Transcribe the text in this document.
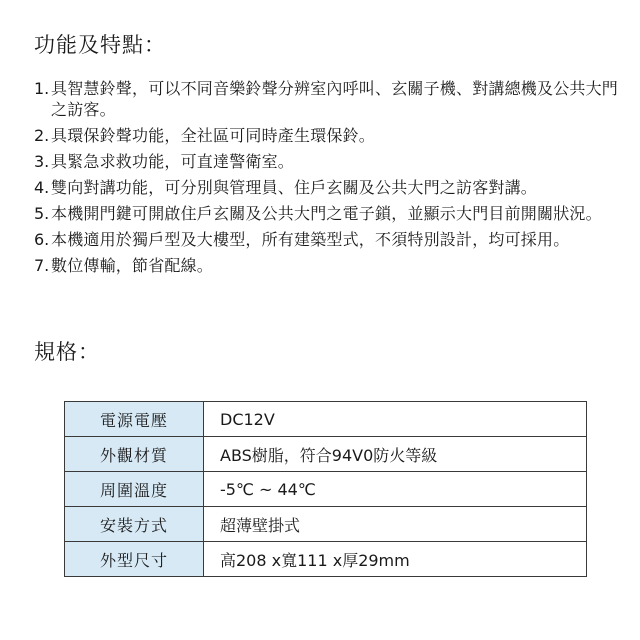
功能及特點：
1. 具智慧鈴聲，可以不同音樂鈴聲分辨室內呼叫、玄關子機、對講總機及公共大門之訪客。
2. 具環保鈴聲功能，全社區可同時產生環保鈴。
3. 具緊急求救功能，可直達警衛室。
4. 雙向對講功能，可分別與管理員、住戶玄關及公共大門之訪客對講。
5. 本機開門鍵可開啟住戶玄關及公共大門之電子鎖，並顯示大門目前開關狀況。
6. 本機適用於獨戶型及大樓型，所有建築型式，不須特別設計，均可採用。
7. 數位傳輸，節省配線。
規格：
電源電壓	DC12V
外觀材質	ABS樹脂，符合94V0防火等級
周圍溫度	-5℃ ~ 44℃
安裝方式	超薄壁掛式
外型尺寸	高208 x寬111 x厚29mm
